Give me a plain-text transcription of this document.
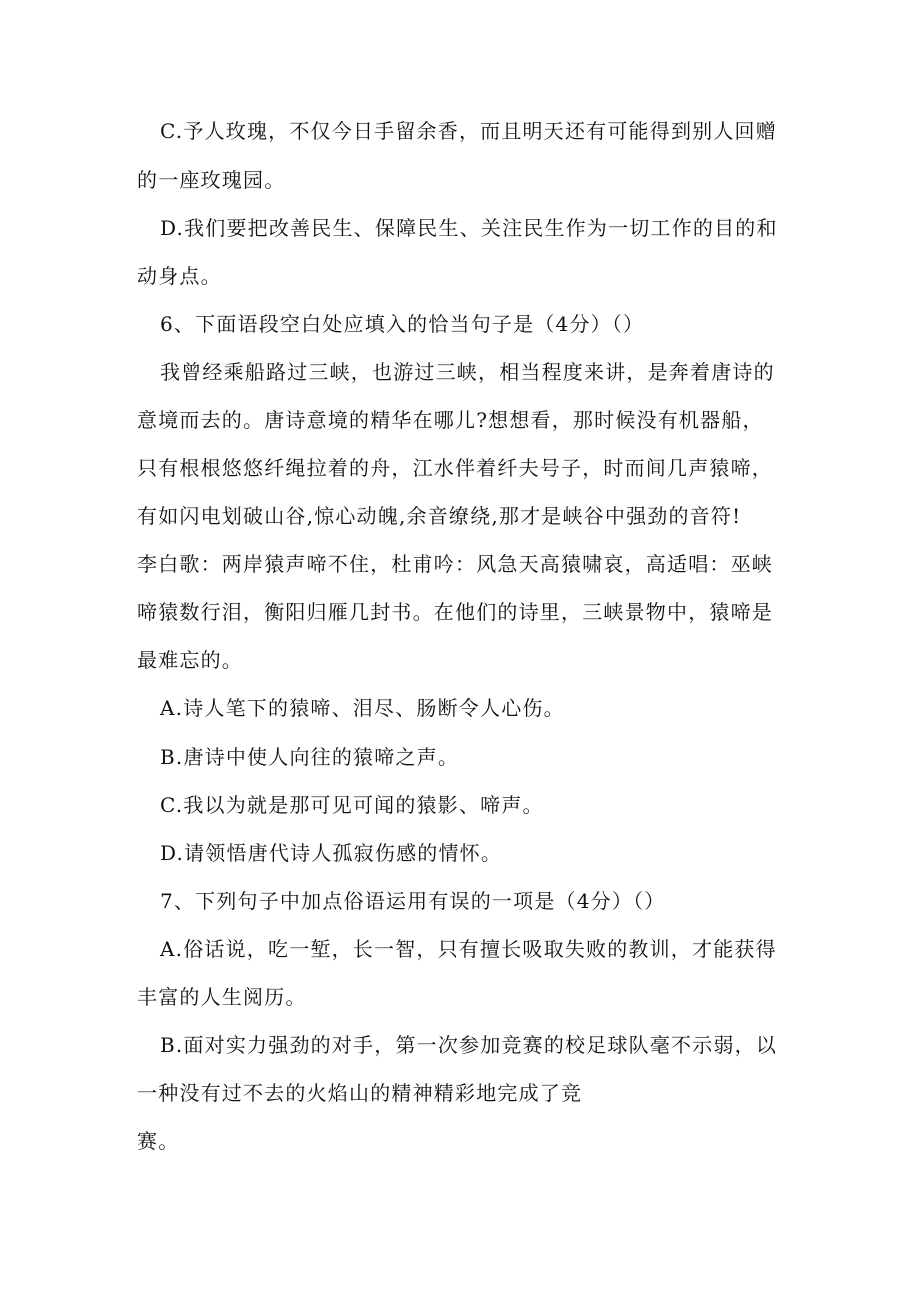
C.予人玫瑰，不仅今日手留余香，而且明天还有可能得到别人回赠
的一座玫瑰园。
D.我们要把改善民生、保障民生、关注民生作为一切工作的目的和
动身点。
6、下面语段空白处应填入的恰当句子是（4分）（）
我曾经乘船路过三峡，也游过三峡，相当程度来讲，是奔着唐诗的
意境而去的。唐诗意境的精华在哪儿?想想看，那时候没有机器船，
只有根根悠悠纤绳拉着的舟，江水伴着纤夫号子，时而间几声猿啼，
有如闪电划破山谷,惊心动魄,余音缭绕,那才是峡谷中强劲的音符!
李白歌：两岸猿声啼不住，杜甫吟：风急天高猿啸哀，高适唱：巫峡
啼猿数行泪，衡阳归雁几封书。在他们的诗里，三峡景物中，猿啼是
最难忘的。
A.诗人笔下的猿啼、泪尽、肠断令人心伤。
B.唐诗中使人向往的猿啼之声。
C.我以为就是那可见可闻的猿影、啼声。
D.请领悟唐代诗人孤寂伤感的情怀。
7、下列句子中加点俗语运用有误的一项是（4分）（）
A.俗话说，吃一堑，长一智，只有擅长吸取失败的教训，才能获得
丰富的人生阅历。
B.面对实力强劲的对手，第一次参加竞赛的校足球队毫不示弱，以
一种没有过不去的火焰山的精神精彩地完成了竞
赛。
